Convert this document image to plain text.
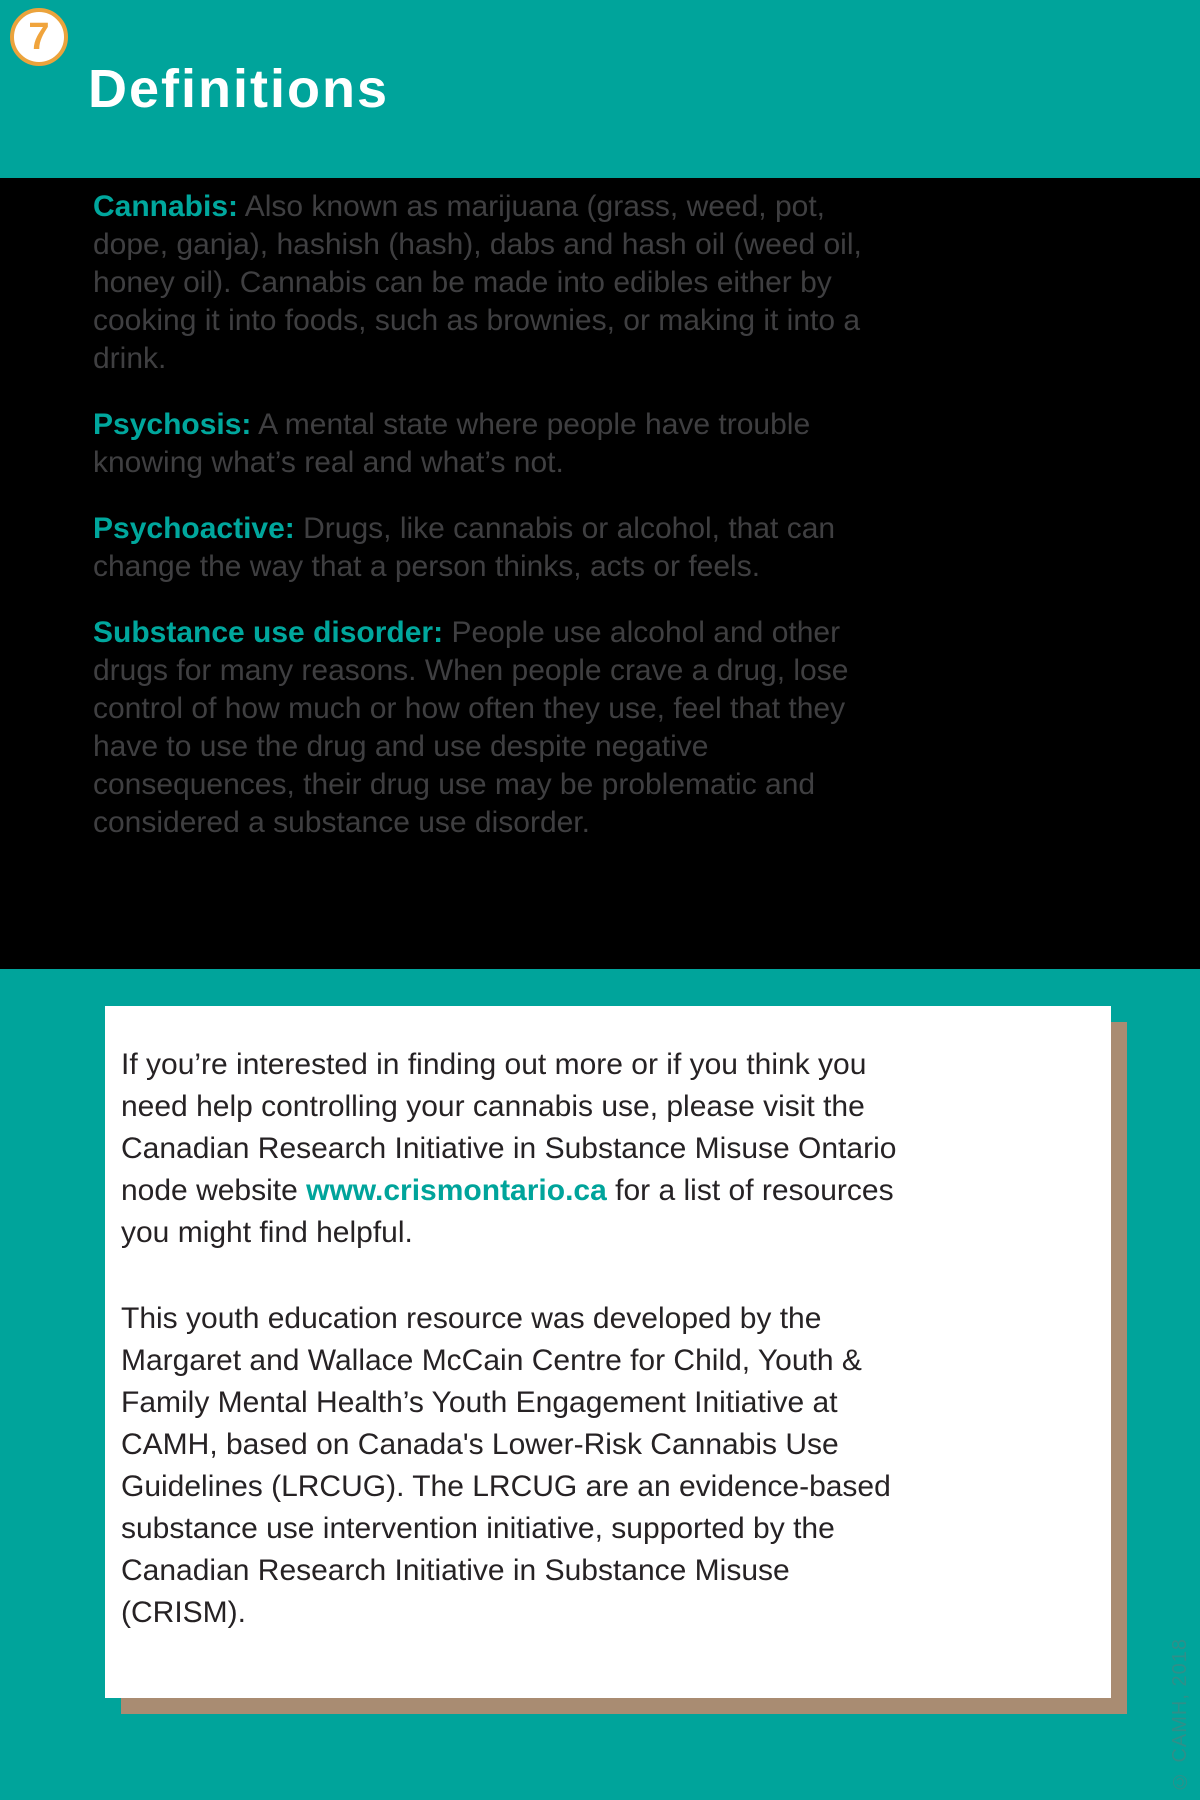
7
Definitions

Cannabis: Also known as marijuana (grass, weed, pot, dope, ganja), hashish (hash), dabs and hash oil (weed oil, honey oil). Cannabis can be made into edibles either by cooking it into foods, such as brownies, or making it into a drink.

Psychosis: A mental state where people have trouble knowing what’s real and what’s not.

Psychoactive: Drugs, like cannabis or alcohol, that can change the way that a person thinks, acts or feels.

Substance use disorder: People use alcohol and other drugs for many reasons. When people crave a drug, lose control of how much or how often they use, feel that they have to use the drug and use despite negative consequences, their drug use may be problematic and considered a substance use disorder.

If you’re interested in finding out more or if you think you need help controlling your cannabis use, please visit the Canadian Research Initiative in Substance Misuse Ontario node website www.crismontario.ca for a list of resources you might find helpful.

This youth education resource was developed by the Margaret and Wallace McCain Centre for Child, Youth & Family Mental Health’s Youth Engagement Initiative at CAMH, based on Canada's Lower-Risk Cannabis Use Guidelines (LRCUG). The LRCUG are an evidence-based substance use intervention initiative, supported by the Canadian Research Initiative in Substance Misuse (CRISM).

© CAMH, 2018
